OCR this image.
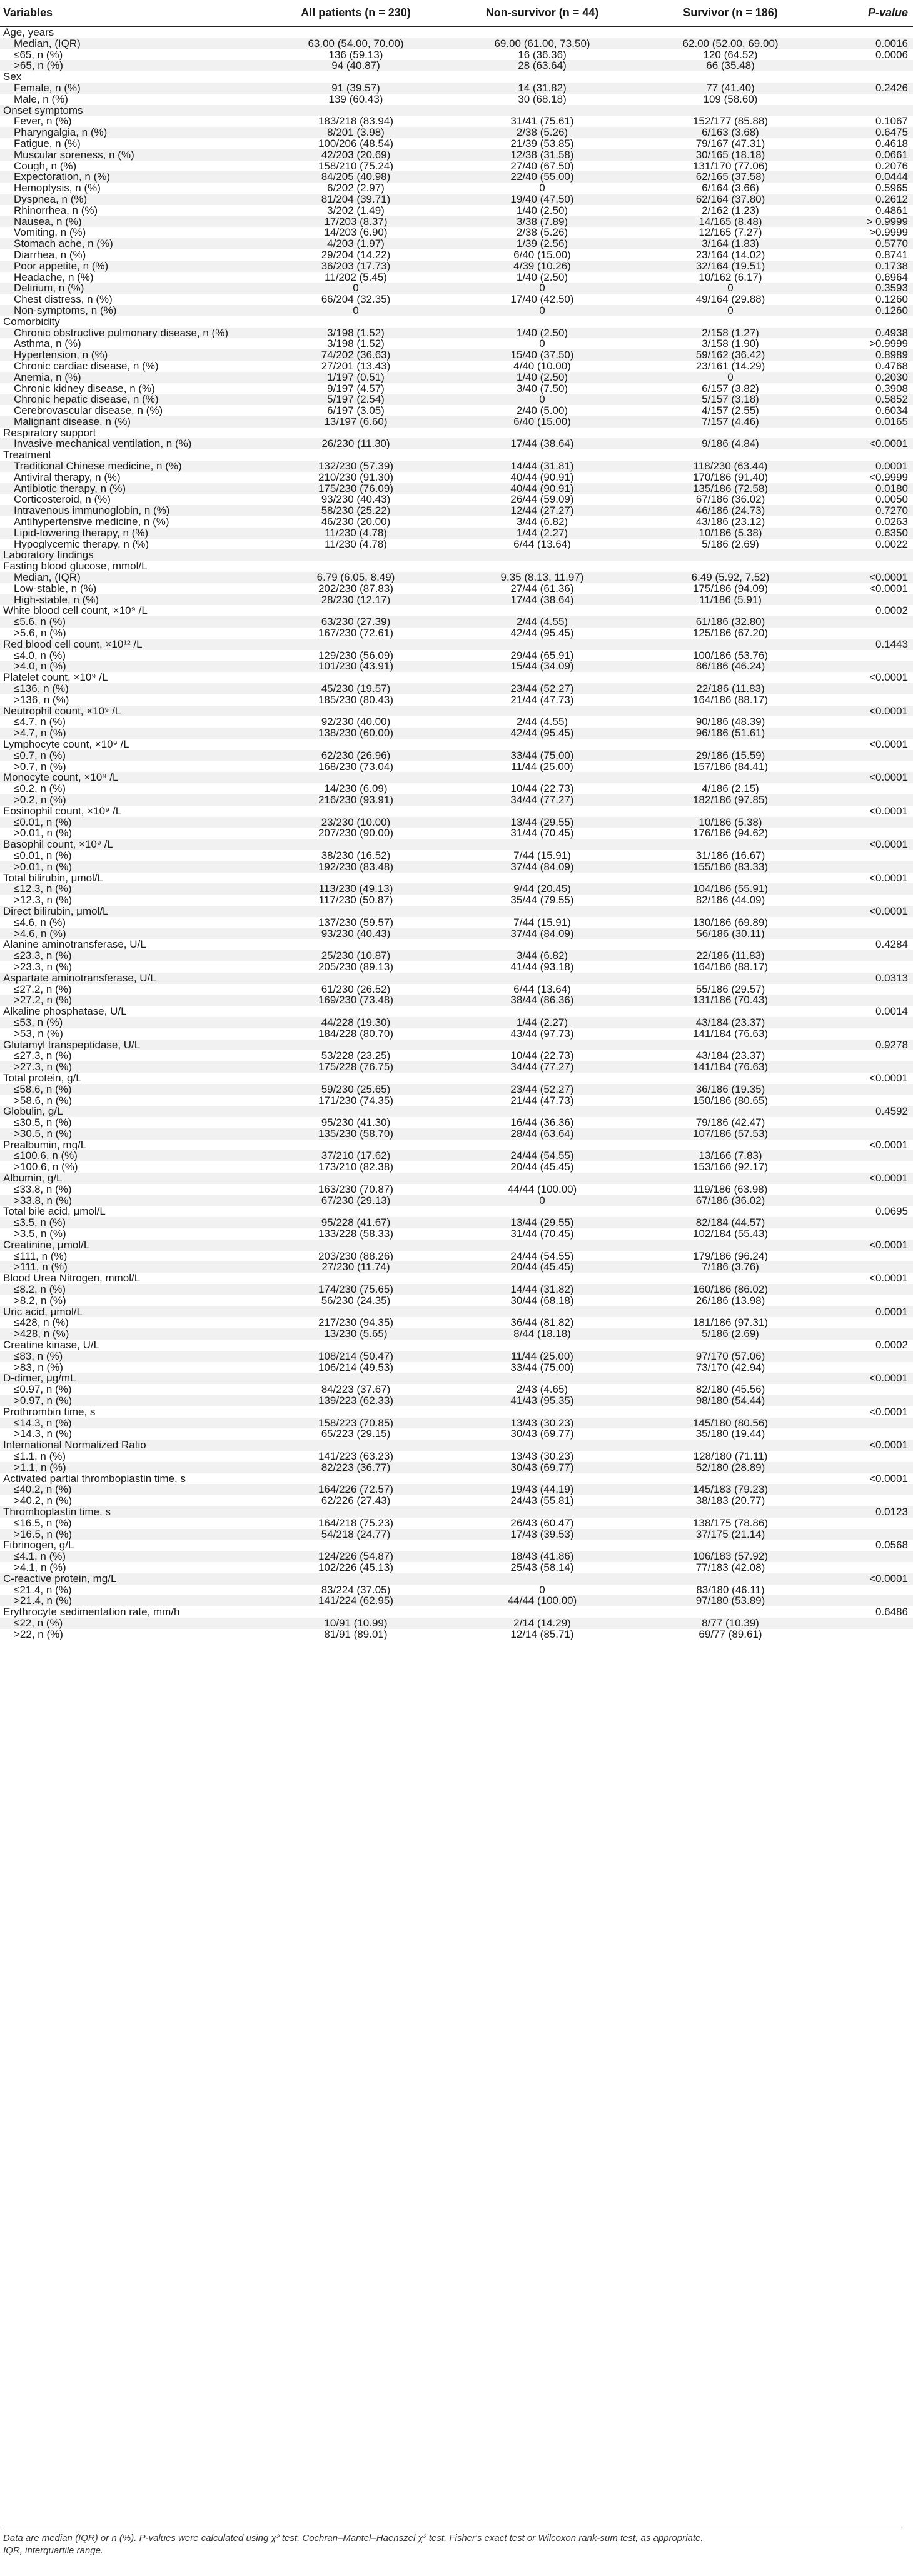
Variables	All patients (n = 230)	Non-survivor (n = 44)	Survivor (n = 186)	P-value
Age, years				
Median, (IQR)	63.00 (54.00, 70.00)	69.00 (61.00, 73.50)	62.00 (52.00, 69.00)	0.0016
≤65, n (%)	136 (59.13)	16 (36.36)	120 (64.52)	0.0006
>65, n (%)	94 (40.87)	28 (63.64)	66 (35.48)	
Sex				
Female, n (%)	91 (39.57)	14 (31.82)	77 (41.40)	0.2426
Male, n (%)	139 (60.43)	30 (68.18)	109 (58.60)	
Onset symptoms				
Fever, n (%)	183/218 (83.94)	31/41 (75.61)	152/177 (85.88)	0.1067
Pharyngalgia, n (%)	8/201 (3.98)	2/38 (5.26)	6/163 (3.68)	0.6475
Fatigue, n (%)	100/206 (48.54)	21/39 (53.85)	79/167 (47.31)	0.4618
Muscular soreness, n (%)	42/203 (20.69)	12/38 (31.58)	30/165 (18.18)	0.0661
Cough, n (%)	158/210 (75.24)	27/40 (67.50)	131/170 (77.06)	0.2076
Expectoration, n (%)	84/205 (40.98)	22/40 (55.00)	62/165 (37.58)	0.0444
Hemoptysis, n (%)	6/202 (2.97)	0	6/164 (3.66)	0.5965
Dyspnea, n (%)	81/204 (39.71)	19/40 (47.50)	62/164 (37.80)	0.2612
Rhinorrhea, n (%)	3/202 (1.49)	1/40 (2.50)	2/162 (1.23)	0.4861
Nausea, n (%)	17/203 (8.37)	3/38 (7.89)	14/165 (8.48)	> 0.9999
Vomiting, n (%)	14/203 (6.90)	2/38 (5.26)	12/165 (7.27)	>0.9999
Stomach ache, n (%)	4/203 (1.97)	1/39 (2.56)	3/164 (1.83)	0.5770
Diarrhea, n (%)	29/204 (14.22)	6/40 (15.00)	23/164 (14.02)	0.8741
Poor appetite, n (%)	36/203 (17.73)	4/39 (10.26)	32/164 (19.51)	0.1738
Headache, n (%)	11/202 (5.45)	1/40 (2.50)	10/162 (6.17)	0.6964
Delirium, n (%)	0	0	0	0.3593
Chest distress, n (%)	66/204 (32.35)	17/40 (42.50)	49/164 (29.88)	0.1260
Non-symptoms, n (%)	0	0	0	0.1260
Comorbidity				
Chronic obstructive pulmonary disease, n (%)	3/198 (1.52)	1/40 (2.50)	2/158 (1.27)	0.4938
Asthma, n (%)	3/198 (1.52)	0	3/158 (1.90)	>0.9999
Hypertension, n (%)	74/202 (36.63)	15/40 (37.50)	59/162 (36.42)	0.8989
Chronic cardiac disease, n (%)	27/201 (13.43)	4/40 (10.00)	23/161 (14.29)	0.4768
Anemia, n (%)	1/197 (0.51)	1/40 (2.50)	0	0.2030
Chronic kidney disease, n (%)	9/197 (4.57)	3/40 (7.50)	6/157 (3.82)	0.3908
Chronic hepatic disease, n (%)	5/197 (2.54)	0	5/157 (3.18)	0.5852
Cerebrovascular disease, n (%)	6/197 (3.05)	2/40 (5.00)	4/157 (2.55)	0.6034
Malignant disease, n (%)	13/197 (6.60)	6/40 (15.00)	7/157 (4.46)	0.0165
Respiratory support				
Invasive mechanical ventilation, n (%)	26/230 (11.30)	17/44 (38.64)	9/186 (4.84)	<0.0001
Treatment				
Traditional Chinese medicine, n (%)	132/230 (57.39)	14/44 (31.81)	118/230 (63.44)	0.0001
Antiviral therapy, n (%)	210/230 (91.30)	40/44 (90.91)	170/186 (91.40)	<0.9999
Antibiotic therapy, n (%)	175/230 (76.09)	40/44 (90.91)	135/186 (72.58)	0.0180
Corticosteroid, n (%)	93/230 (40.43)	26/44 (59.09)	67/186 (36.02)	0.0050
Intravenous immunoglobin, n (%)	58/230 (25.22)	12/44 (27.27)	46/186 (24.73)	0.7270
Antihypertensive medicine, n (%)	46/230 (20.00)	3/44 (6.82)	43/186 (23.12)	0.0263
Lipid-lowering therapy, n (%)	11/230 (4.78)	1/44 (2.27)	10/186 (5.38)	0.6350
Hypoglycemic therapy, n (%)	11/230 (4.78)	6/44 (13.64)	5/186 (2.69)	0.0022
Laboratory findings				
Fasting blood glucose, mmol/L				
Median, (IQR)	6.79 (6.05, 8.49)	9.35 (8.13, 11.97)	6.49 (5.92, 7.52)	<0.0001
Low-stable, n (%)	202/230 (87.83)	27/44 (61.36)	175/186 (94.09)	<0.0001
High-stable, n (%)	28/230 (12.17)	17/44 (38.64)	11/186 (5.91)	
White blood cell count, ×10⁹ /L				0.0002
≤5.6, n (%)	63/230 (27.39)	2/44 (4.55)	61/186 (32.80)	
>5.6, n (%)	167/230 (72.61)	42/44 (95.45)	125/186 (67.20)	
Red blood cell count, ×10¹² /L				0.1443
≤4.0, n (%)	129/230 (56.09)	29/44 (65.91)	100/186 (53.76)	
>4.0, n (%)	101/230 (43.91)	15/44 (34.09)	86/186 (46.24)	
Platelet count, ×10⁹ /L				<0.0001
≤136, n (%)	45/230 (19.57)	23/44 (52.27)	22/186 (11.83)	
>136, n (%)	185/230 (80.43)	21/44 (47.73)	164/186 (88.17)	
Neutrophil count, ×10⁹ /L				<0.0001
≤4.7, n (%)	92/230 (40.00)	2/44 (4.55)	90/186 (48.39)	
>4.7, n (%)	138/230 (60.00)	42/44 (95.45)	96/186 (51.61)	
Lymphocyte count, ×10⁹ /L				<0.0001
≤0.7, n (%)	62/230 (26.96)	33/44 (75.00)	29/186 (15.59)	
>0.7, n (%)	168/230 (73.04)	11/44 (25.00)	157/186 (84.41)	
Monocyte count, ×10⁹ /L				<0.0001
≤0.2, n (%)	14/230 (6.09)	10/44 (22.73)	4/186 (2.15)	
>0.2, n (%)	216/230 (93.91)	34/44 (77.27)	182/186 (97.85)	
Eosinophil count, ×10⁹ /L				<0.0001
≤0.01, n (%)	23/230 (10.00)	13/44 (29.55)	10/186 (5.38)	
>0.01, n (%)	207/230 (90.00)	31/44 (70.45)	176/186 (94.62)	
Basophil count, ×10⁹ /L				<0.0001
≤0.01, n (%)	38/230 (16.52)	7/44 (15.91)	31/186 (16.67)	
>0.01, n (%)	192/230 (83.48)	37/44 (84.09)	155/186 (83.33)	
Total bilirubin, μmol/L				<0.0001
≤12.3, n (%)	113/230 (49.13)	9/44 (20.45)	104/186 (55.91)	
>12.3, n (%)	117/230 (50.87)	35/44 (79.55)	82/186 (44.09)	
Direct bilirubin, μmol/L				<0.0001
≤4.6, n (%)	137/230 (59.57)	7/44 (15.91)	130/186 (69.89)	
>4.6, n (%)	93/230 (40.43)	37/44 (84.09)	56/186 (30.11)	
Alanine aminotransferase, U/L				0.4284
≤23.3, n (%)	25/230 (10.87)	3/44 (6.82)	22/186 (11.83)	
>23.3, n (%)	205/230 (89.13)	41/44 (93.18)	164/186 (88.17)	
Aspartate aminotransferase, U/L				0.0313
≤27.2, n (%)	61/230 (26.52)	6/44 (13.64)	55/186 (29.57)	
>27.2, n (%)	169/230 (73.48)	38/44 (86.36)	131/186 (70.43)	
Alkaline phosphatase, U/L				0.0014
≤53, n (%)	44/228 (19.30)	1/44 (2.27)	43/184 (23.37)	
>53, n (%)	184/228 (80.70)	43/44 (97.73)	141/184 (76.63)	
Glutamyl transpeptidase, U/L				0.9278
≤27.3, n (%)	53/228 (23.25)	10/44 (22.73)	43/184 (23.37)	
>27.3, n (%)	175/228 (76.75)	34/44 (77.27)	141/184 (76.63)	
Total protein, g/L				<0.0001
≤58.6, n (%)	59/230 (25.65)	23/44 (52.27)	36/186 (19.35)	
>58.6, n (%)	171/230 (74.35)	21/44 (47.73)	150/186 (80.65)	
Globulin, g/L				0.4592
≤30.5, n (%)	95/230 (41.30)	16/44 (36.36)	79/186 (42.47)	
>30.5, n (%)	135/230 (58.70)	28/44 (63.64)	107/186 (57.53)	
Prealbumin, mg/L				<0.0001
≤100.6, n (%)	37/210 (17.62)	24/44 (54.55)	13/166 (7.83)	
>100.6, n (%)	173/210 (82.38)	20/44 (45.45)	153/166 (92.17)	
Albumin, g/L				<0.0001
≤33.8, n (%)	163/230 (70.87)	44/44 (100.00)	119/186 (63.98)	
>33.8, n (%)	67/230 (29.13)	0	67/186 (36.02)	
Total bile acid, μmol/L				0.0695
≤3.5, n (%)	95/228 (41.67)	13/44 (29.55)	82/184 (44.57)	
>3.5, n (%)	133/228 (58.33)	31/44 (70.45)	102/184 (55.43)	
Creatinine, μmol/L				<0.0001
≤111, n (%)	203/230 (88.26)	24/44 (54.55)	179/186 (96.24)	
>111, n (%)	27/230 (11.74)	20/44 (45.45)	7/186 (3.76)	
Blood Urea Nitrogen, mmol/L				<0.0001
≤8.2, n (%)	174/230 (75.65)	14/44 (31.82)	160/186 (86.02)	
>8.2, n (%)	56/230 (24.35)	30/44 (68.18)	26/186 (13.98)	
Uric acid, μmol/L				0.0001
≤428, n (%)	217/230 (94.35)	36/44 (81.82)	181/186 (97.31)	
>428, n (%)	13/230 (5.65)	8/44 (18.18)	5/186 (2.69)	
Creatine kinase, U/L				0.0002
≤83, n (%)	108/214 (50.47)	11/44 (25.00)	97/170 (57.06)	
>83, n (%)	106/214 (49.53)	33/44 (75.00)	73/170 (42.94)	
D-dimer, μg/mL				<0.0001
≤0.97, n (%)	84/223 (37.67)	2/43 (4.65)	82/180 (45.56)	
>0.97, n (%)	139/223 (62.33)	41/43 (95.35)	98/180 (54.44)	
Prothrombin time, s				<0.0001
≤14.3, n (%)	158/223 (70.85)	13/43 (30.23)	145/180 (80.56)	
>14.3, n (%)	65/223 (29.15)	30/43 (69.77)	35/180 (19.44)	
International Normalized Ratio				<0.0001
≤1.1, n (%)	141/223 (63.23)	13/43 (30.23)	128/180 (71.11)	
>1.1, n (%)	82/223 (36.77)	30/43 (69.77)	52/180 (28.89)	
Activated partial thromboplastin time, s				<0.0001
≤40.2, n (%)	164/226 (72.57)	19/43 (44.19)	145/183 (79.23)	
>40.2, n (%)	62/226 (27.43)	24/43 (55.81)	38/183 (20.77)	
Thromboplastin time, s				0.0123
≤16.5, n (%)	164/218 (75.23)	26/43 (60.47)	138/175 (78.86)	
>16.5, n (%)	54/218 (24.77)	17/43 (39.53)	37/175 (21.14)	
Fibrinogen, g/L				0.0568
≤4.1, n (%)	124/226 (54.87)	18/43 (41.86)	106/183 (57.92)	
>4.1, n (%)	102/226 (45.13)	25/43 (58.14)	77/183 (42.08)	
C-reactive protein, mg/L				<0.0001
≤21.4, n (%)	83/224 (37.05)	0	83/180 (46.11)	
>21.4, n (%)	141/224 (62.95)	44/44 (100.00)	97/180 (53.89)	
Erythrocyte sedimentation rate, mm/h				0.6486
≤22, n (%)	10/91 (10.99)	2/14 (14.29)	8/77 (10.39)	
>22, n (%)	81/91 (89.01)	12/14 (85.71)	69/77 (89.61)	
Data are median (IQR) or n (%). P-values were calculated using χ² test, Cochran–Mantel–Haenszel χ² test, Fisher's exact test or Wilcoxon rank-sum test, as appropriate.
IQR, interquartile range.
